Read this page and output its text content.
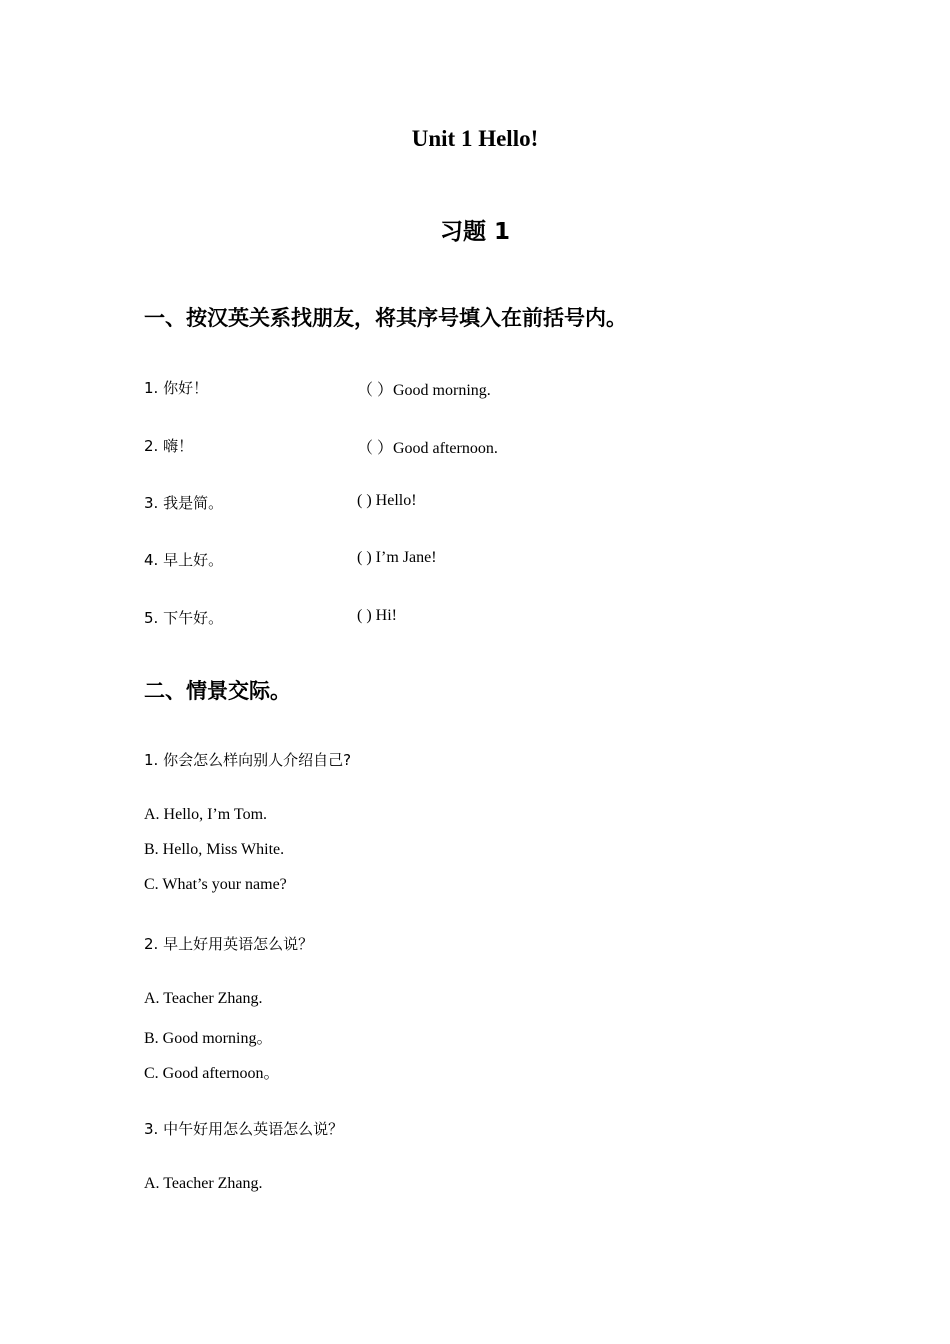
Unit 1 Hello!
习题 1
一、按汉英关系找朋友，将其序号填入在前括号内。
1. 你好！	（ ）Good morning.
2. 嗨！	（ ）Good afternoon.
3. 我是简。	( ) Hello!
4. 早上好。	( ) I’m Jane!
5. 下午好。	( ) Hi!
二、情景交际。
1. 你会怎么样向别人介绍自己?
A. Hello, I’m Tom.
B. Hello, Miss White.
C. What’s your name?
2. 早上好用英语怎么说？
A. Teacher Zhang.
B. Good morning。
C. Good afternoon。
3. 中午好用怎么英语怎么说？
A. Teacher Zhang.
